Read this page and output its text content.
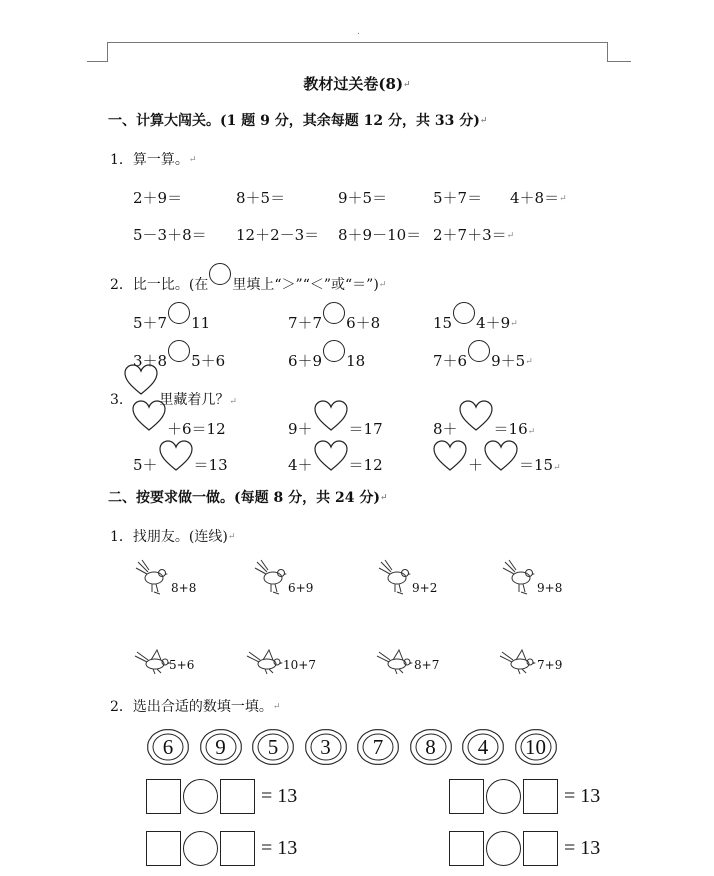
.
教材过关卷(8)↵
一、计算大闯关。(1 题 9 分，其余每题 12 分，共 33 分)↵
1．算一算。↵
2＋9＝	8＋5＝	9＋5＝	5＋7＝ 4＋8＝↵
5－3＋8＝ 12＋2－3＝ 8＋9－10＝ 2＋7＋3＝↵
2．比一比。(在 里填上“＞”“＜”或“＝”)↵
5＋7 11	7＋7 6＋8	15 4＋9↵
3＋8 5＋6	6＋9 18	7＋6 9＋5↵
3.	里藏着几？$_↵$
＋6＝12	9＋ ＝17	$8+ =16_↵$
5＋ ＝13	4＋ ＝12	＋ $=15_↵$
二、按要求做一做。(每题 8 分，共 24 分)↵
1．找朋友。(连线)↵
8+8	6+9	9+2	9+8
5+6	10+7	8+7	7+9
2．选出合适的数填一填。↵
6	9	5	3	7	8	4	10
= 13	= 13
= 13	= 13
